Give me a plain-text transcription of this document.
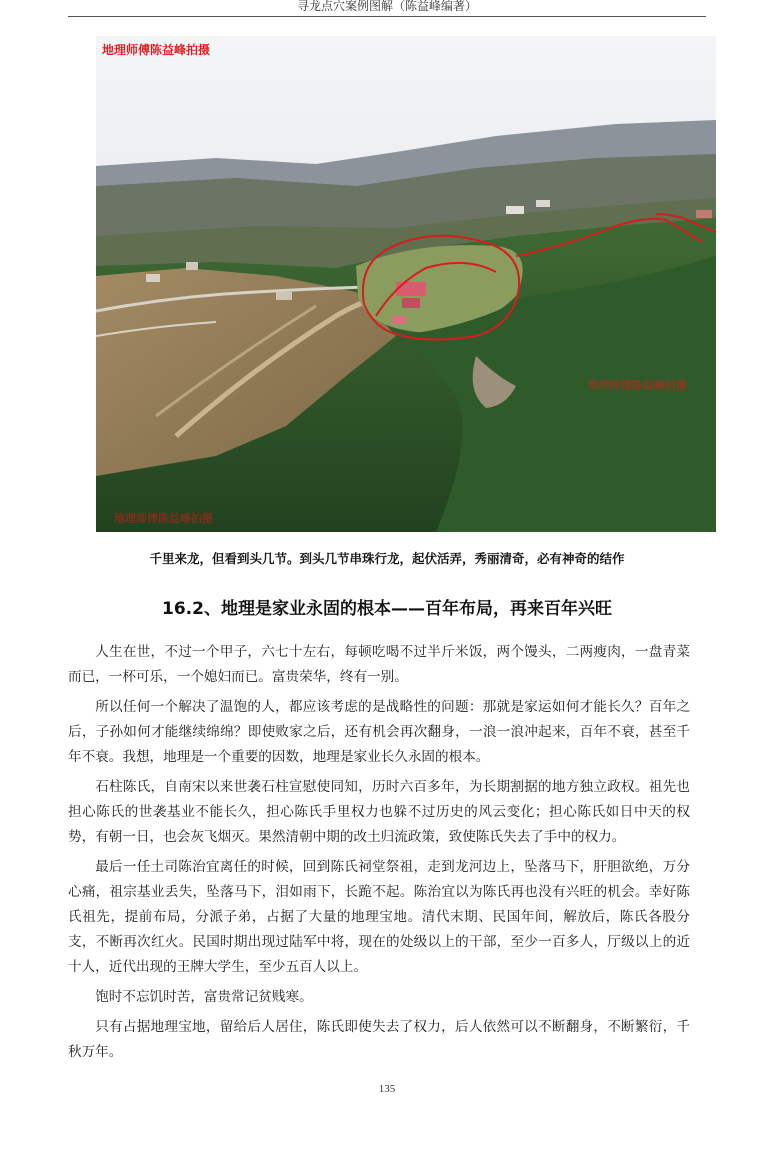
寻龙点穴案例图解（陈益峰编著）
地理师傅陈益峰拍摄
地理师傅陈益峰拍摄
地理师傅陈益峰拍摄
千里来龙，但看到头几节。到头几节串珠行龙，起伏活弄，秀丽清奇，必有神奇的结作
16.2、地理是家业永固的根本——百年布局，再来百年兴旺

人生在世，不过一个甲子，六七十左右，每顿吃喝不过半斤米饭，两个馒头，二两瘦肉，一盘青菜而已，一杯可乐，一个媳妇而已。富贵荣华，终有一别。

所以任何一个解决了温饱的人，都应该考虑的是战略性的问题：那就是家运如何才能长久？百年之后，子孙如何才能继续绵绵？即使败家之后，还有机会再次翻身，一浪一浪冲起来，百年不衰，甚至千年不衰。我想，地理是一个重要的因数，地理是家业长久永固的根本。

石柱陈氏，自南宋以来世袭石柱宣慰使同知，历时六百多年，为长期割据的地方独立政权。祖先也担心陈氏的世袭基业不能长久，担心陈氏手里权力也躲不过历史的风云变化；担心陈氏如日中天的权势，有朝一日，也会灰飞烟灭。果然清朝中期的改土归流政策，致使陈氏失去了手中的权力。

最后一任土司陈治宜离任的时候，回到陈氏祠堂祭祖，走到龙河边上，坠落马下，肝胆欲绝，万分心痛，祖宗基业丢失，坠落马下，泪如雨下，长跪不起。陈治宜以为陈氏再也没有兴旺的机会。幸好陈氏祖先，提前布局，分派子弟，占据了大量的地理宝地。清代末期、民国年间，解放后，陈氏各股分支，不断再次红火。民国时期出现过陆军中将，现在的处级以上的干部，至少一百多人，厅级以上的近十人，近代出现的王牌大学生，至少五百人以上。

饱时不忘饥时苦，富贵常记贫贱寒。

只有占据地理宝地，留给后人居住，陈氏即使失去了权力，后人依然可以不断翻身，不断繁衍，千秋万年。

135
